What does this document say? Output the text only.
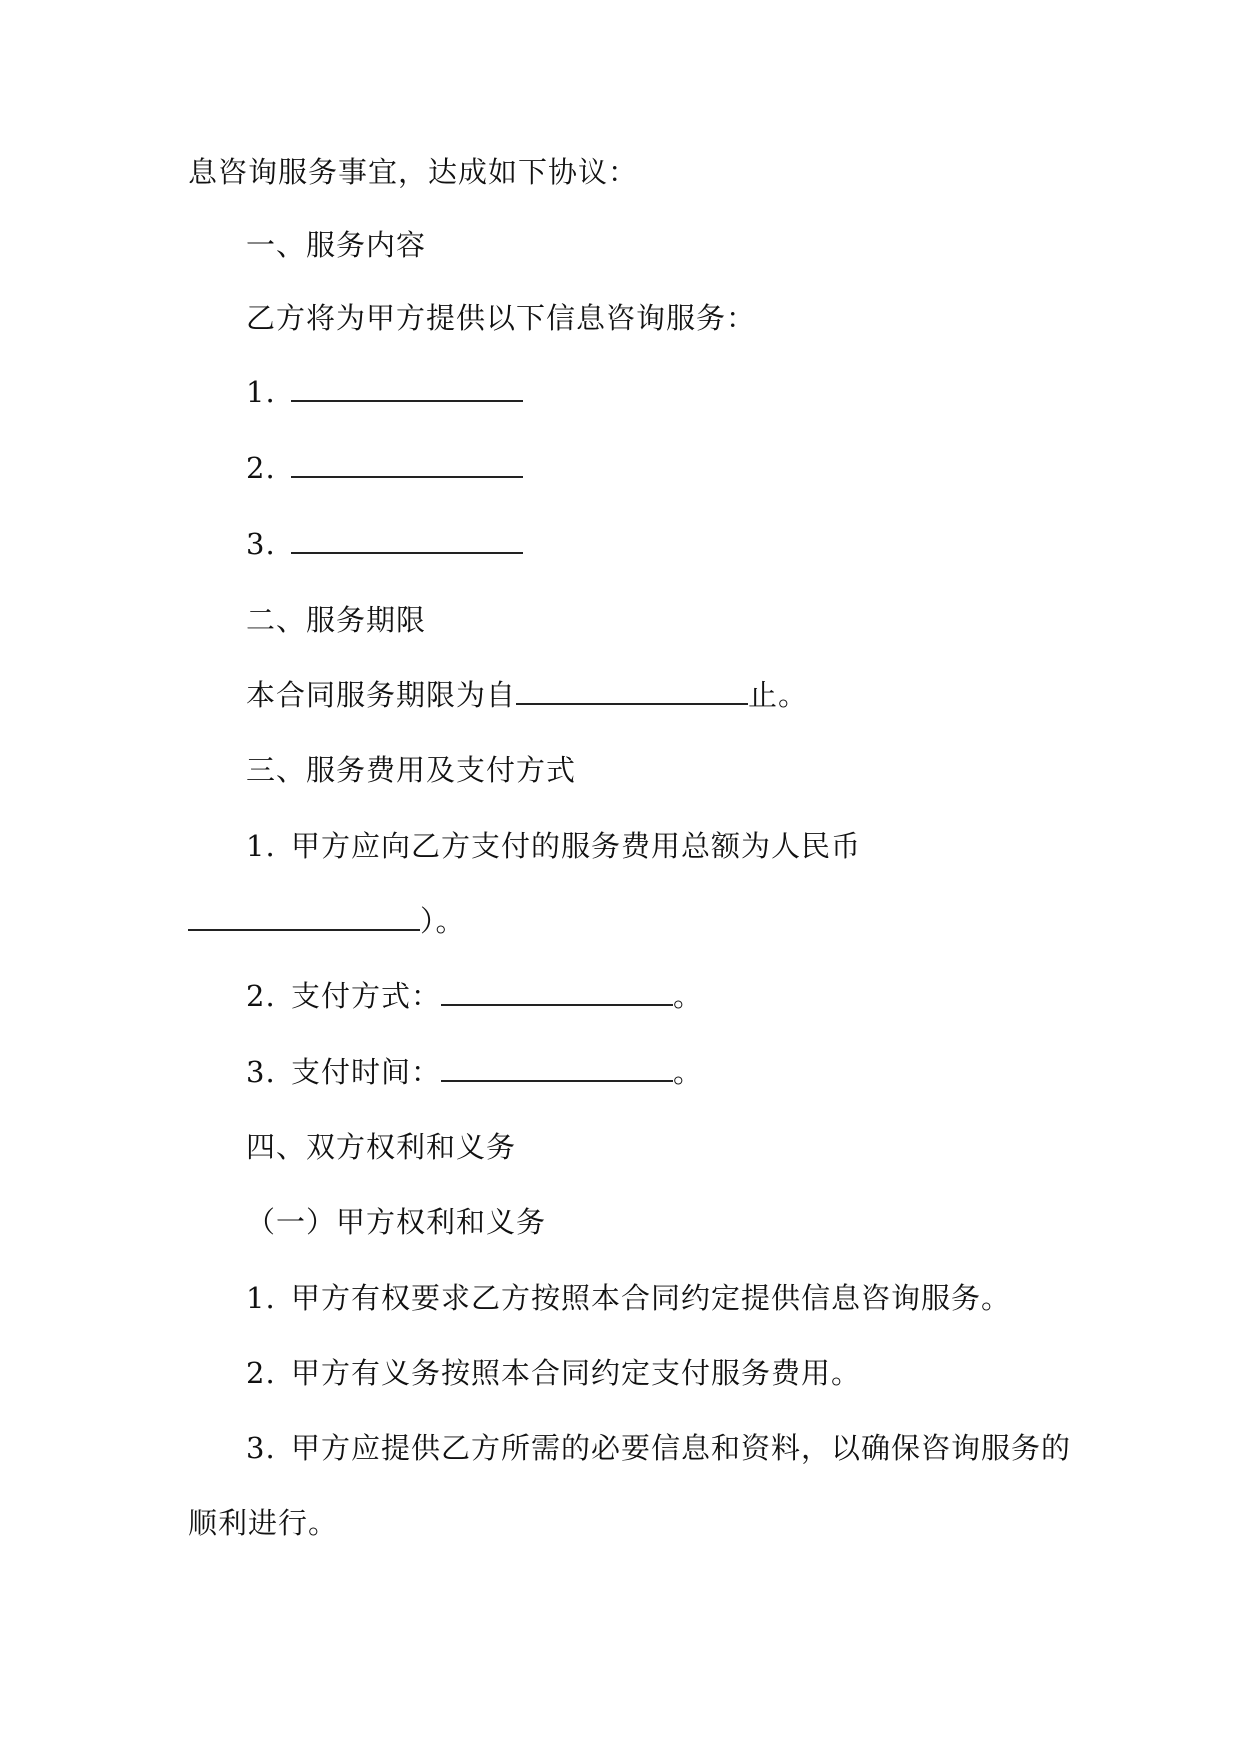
息咨询服务事宜，达成如下协议：
一、服务内容
乙方将为甲方提供以下信息咨询服务：
1.
2.
3.
二、服务期限
本合同服务期限为自	止。
三、服务费用及支付方式
1. 甲方应向乙方支付的服务费用总额为人民币
）。
2. 支付方式：	。
3. 支付时间：	。
四、双方权利和义务
（一）甲方权利和义务
1. 甲方有权要求乙方按照本合同约定提供信息咨询服务。
2. 甲方有义务按照本合同约定支付服务费用。
3. 甲方应提供乙方所需的必要信息和资料，以确保咨询服务的
顺利进行。
